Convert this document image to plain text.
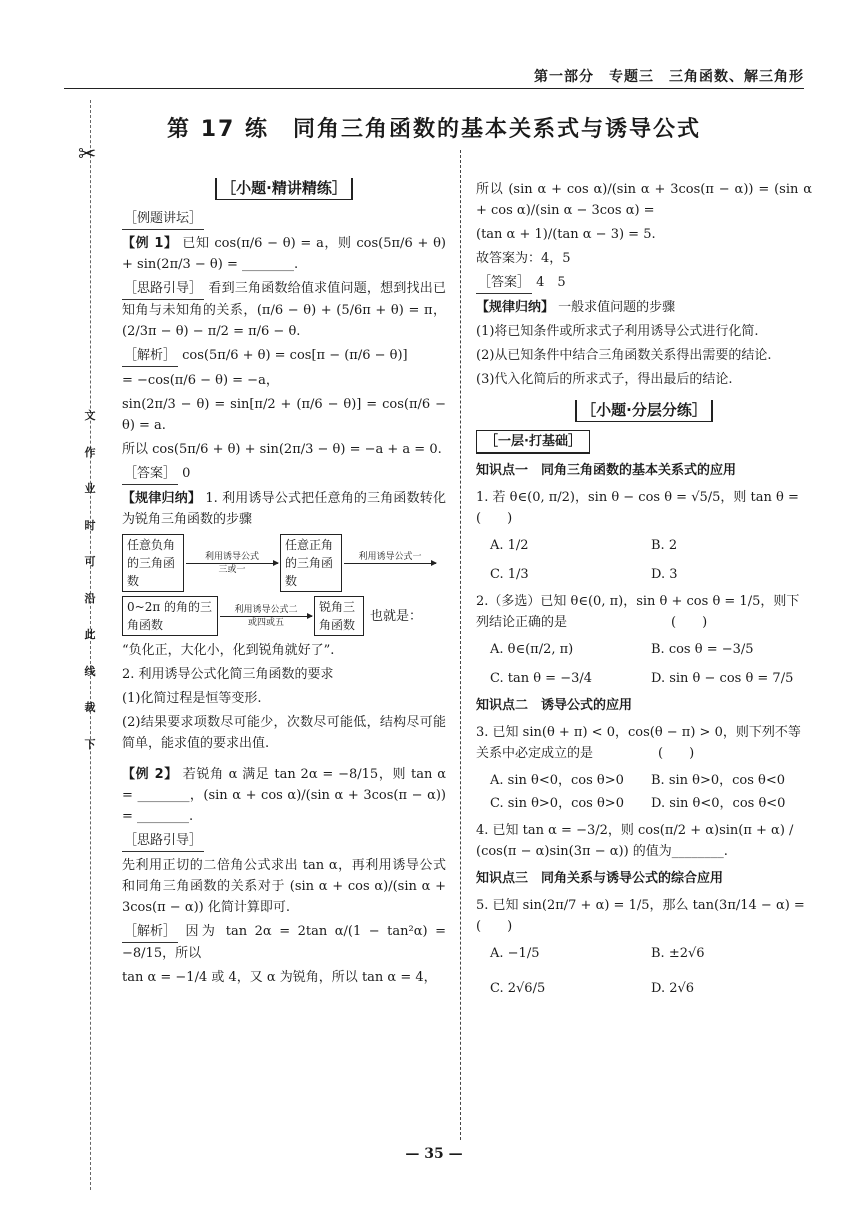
第一部分　专题三　三角函数、解三角形
第 17 练　同角三角函数的基本关系式与诱导公式
✂
文
作
业
时
可
沿
此
线
裁
下
［小题·精讲精练］
［例题讲坛］
【例 1】 已知 cos(π/6 − θ) = a，则 cos(5π/6 + θ) + sin(2π/3 − θ) = ________.
［思路引导］ 看到三角函数给值求值问题，想到找出已知角与未知角的关系，(π/6 − θ) + (5/6π + θ) = π，(2/3π − θ) − π/2 = π/6 − θ.
［解析］ cos(5π/6 + θ) = cos[π − (π/6 − θ)]
= −cos(π/6 − θ) = −a，
sin(2π/3 − θ) = sin[π/2 + (π/6 − θ)] = cos(π/6 − θ) = a.
所以 cos(5π/6 + θ) + sin(2π/3 − θ) = −a + a = 0.
［答案］ 0
【规律归纳】 1. 利用诱导公式把任意角的三角函数转化为锐角三角函数的步骤
任意负角的三角函数
利用诱导公式
三或一
任意正角的三角函数
利用诱导公式一

0~2π 的角的三角函数
利用诱导公式二
或四或五
锐角三角函数
也就是：
“负化正，大化小，化到锐角就好了”.
2. 利用诱导公式化简三角函数的要求
(1)化简过程是恒等变形.
(2)结果要求项数尽可能少，次数尽可能低，结构尽可能简单，能求值的要求出值.
【例 2】 若锐角 α 满足 tan 2α = −8/15，则 tan α = ________，(sin α + cos α)/(sin α + 3cos(π − α)) = ________.
［思路引导］
先利用正切的二倍角公式求出 tan α，再利用诱导公式和同角三角函数的关系对于 (sin α + cos α)/(sin α + 3cos(π − α)) 化简计算即可.
［解析］ 因为 tan 2α = 2tan α/(1 − tan²α) = −8/15，所以
tan α = −1/4 或 4，又 α 为锐角，所以 tan α = 4，
所以 (sin α + cos α)/(sin α + 3cos(π − α)) = (sin α + cos α)/(sin α − 3cos α) =
(tan α + 1)/(tan α − 3) = 5.
故答案为：4，5
［答案］ 4　5
【规律归纳】 一般求值问题的步骤
(1)将已知条件或所求式子利用诱导公式进行化简.
(2)从已知条件中结合三角函数关系得出需要的结论.
(3)代入化简后的所求式子，得出最后的结论.
［小题·分层分练］
［一层·打基础］
知识点一　同角三角函数的基本关系式的应用
1. 若 θ∈(0, π/2)，sin θ − cos θ = √5/5，则 tan θ = (　　)
A. 1/2	B. 2
C. 1/3	D. 3
2.（多选）已知 θ∈(0, π)，sin θ + cos θ = 1/5，则下列结论正确的是　　　　　　　　(　　)
A. θ∈(π/2, π)	B. cos θ = −3/5
C. tan θ = −3/4	D. sin θ − cos θ = 7/5
知识点二　诱导公式的应用
3. 已知 sin(θ + π) < 0，cos(θ − π) > 0，则下列不等关系中必定成立的是　　　　　(　　)
A. sin θ<0，cos θ>0	B. sin θ>0，cos θ<0
C. sin θ>0，cos θ>0	D. sin θ<0，cos θ<0
4. 已知 tan α = −3/2，则 cos(π/2 + α)sin(π + α) / (cos(π − α)sin(3π − α)) 的值为________.
知识点三　同角关系与诱导公式的综合应用
5. 已知 sin(2π/7 + α) = 1/5，那么 tan(3π/14 − α) = (　　)
A. −1/5	B. ±2√6
C. 2√6/5	D. 2√6
— 35 —
